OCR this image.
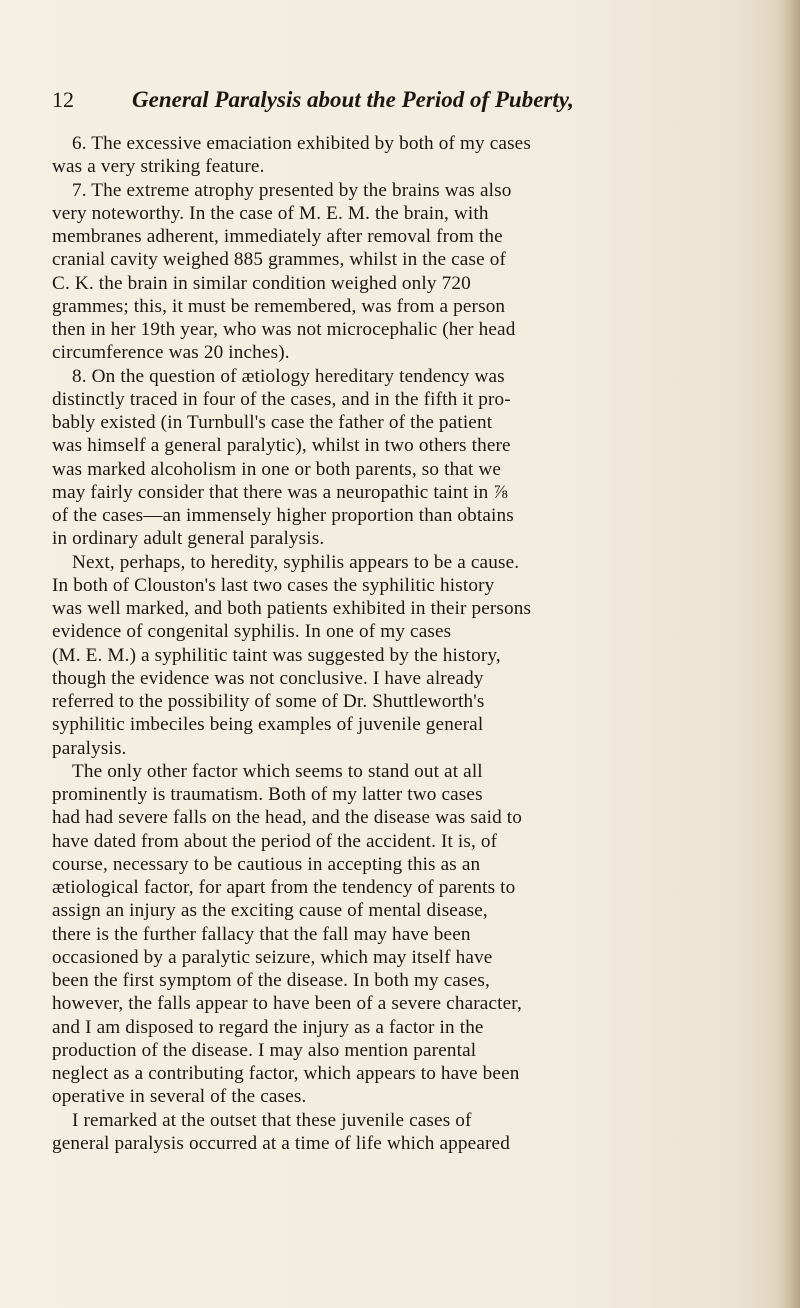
12	General Paralysis about the Period of Puberty,
6. The excessive emaciation exhibited by both of my cases
was a very striking feature.
7. The extreme atrophy presented by the brains was also
very noteworthy. In the case of M. E. M. the brain, with
membranes adherent, immediately after removal from the
cranial cavity weighed 885 grammes, whilst in the case of
C. K. the brain in similar condition weighed only 720
grammes; this, it must be remembered, was from a person
then in her 19th year, who was not microcephalic (her head
circumference was 20 inches).
8. On the question of ætiology hereditary tendency was
distinctly traced in four of the cases, and in the fifth it pro-
bably existed (in Turnbull's case the father of the patient
was himself a general paralytic), whilst in two others there
was marked alcoholism in one or both parents, so that we
may fairly consider that there was a neuropathic taint in ⅞
of the cases—an immensely higher proportion than obtains
in ordinary adult general paralysis.
Next, perhaps, to heredity, syphilis appears to be a cause.
In both of Clouston's last two cases the syphilitic history
was well marked, and both patients exhibited in their persons
evidence of congenital syphilis. In one of my cases
(M. E. M.) a syphilitic taint was suggested by the history,
though the evidence was not conclusive. I have already
referred to the possibility of some of Dr. Shuttleworth's
syphilitic imbeciles being examples of juvenile general
paralysis.
The only other factor which seems to stand out at all
prominently is traumatism. Both of my latter two cases
had had severe falls on the head, and the disease was said to
have dated from about the period of the accident. It is, of
course, necessary to be cautious in accepting this as an
ætiological factor, for apart from the tendency of parents to
assign an injury as the exciting cause of mental disease,
there is the further fallacy that the fall may have been
occasioned by a paralytic seizure, which may itself have
been the first symptom of the disease. In both my cases,
however, the falls appear to have been of a severe character,
and I am disposed to regard the injury as a factor in the
production of the disease. I may also mention parental
neglect as a contributing factor, which appears to have been
operative in several of the cases.
I remarked at the outset that these juvenile cases of
general paralysis occurred at a time of life which appeared
